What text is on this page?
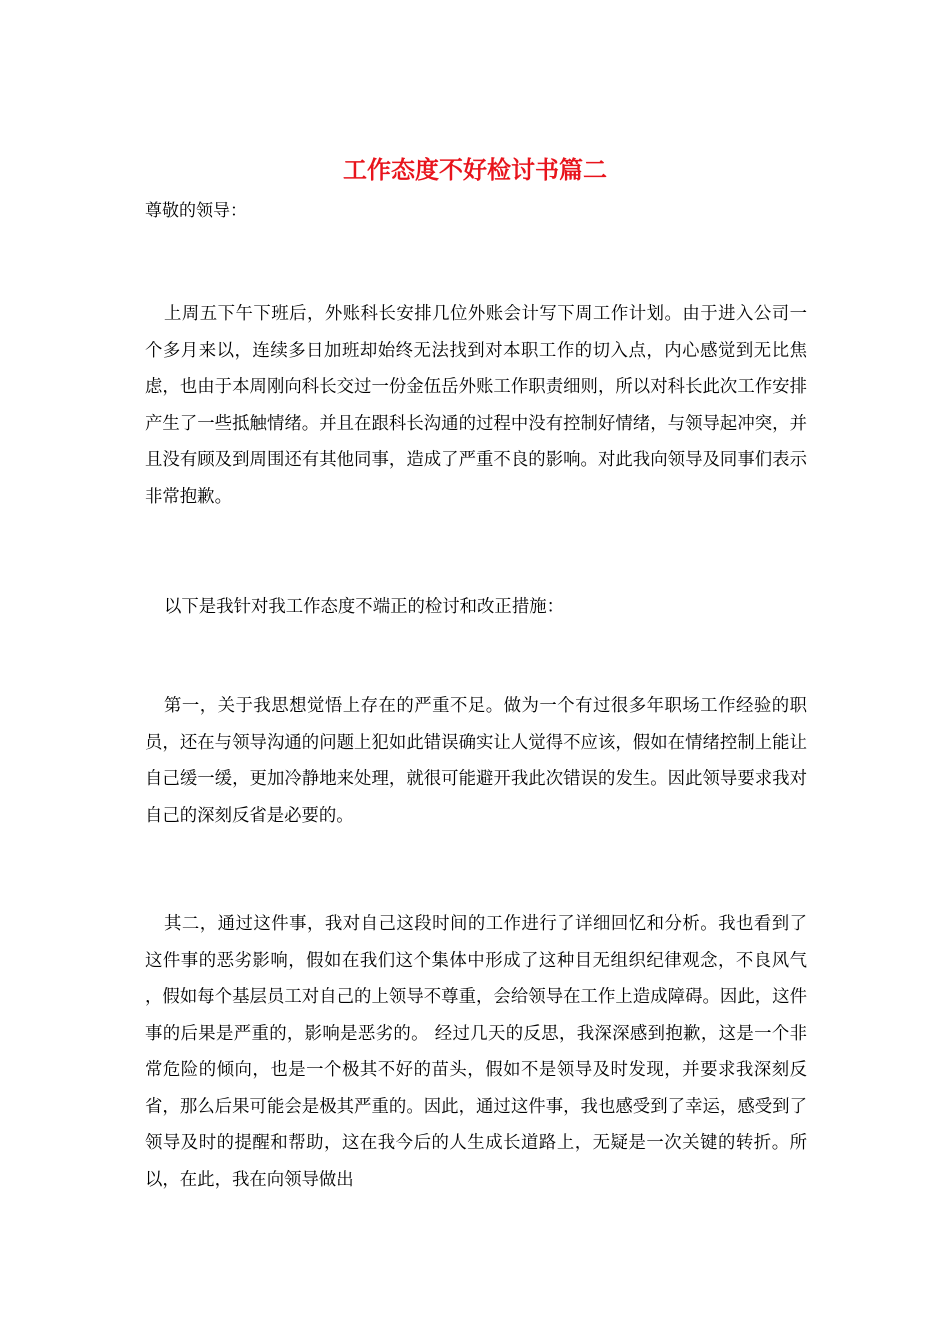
工作态度不好检讨书篇二

尊敬的领导：

上周五下午下班后，外账科长安排几位外账会计写下周工作计划。由于进入公司一个多月来以，连续多日加班却始终无法找到对本职工作的切入点，内心感觉到无比焦虑，也由于本周刚向科长交过一份金伍岳外账工作职责细则，所以对科长此次工作安排产生了一些抵触情绪。并且在跟科长沟通的过程中没有控制好情绪，与领导起冲突，并且没有顾及到周围还有其他同事，造成了严重不良的影响。对此我向领导及同事们表示非常抱歉。

以下是我针对我工作态度不端正的检讨和改正措施：

第一，关于我思想觉悟上存在的严重不足。做为一个有过很多年职场工作经验的职员，还在与领导沟通的问题上犯如此错误确实让人觉得不应该，假如在情绪控制上能让自己缓一缓，更加冷静地来处理，就很可能避开我此次错误的发生。因此领导要求我对自己的深刻反省是必要的。

其二，通过这件事，我对自己这段时间的工作进行了详细回忆和分析。我也看到了这件事的恶劣影响，假如在我们这个集体中形成了这种目无组织纪律观念，不良风气 ，假如每个基层员工对自己的上领导不尊重，会给领导在工作上造成障碍。因此，这件事的后果是严重的，影响是恶劣的。 经过几天的反思，我深深感到抱歉，这是一个非常危险的倾向，也是一个极其不好的苗头，假如不是领导及时发现，并要求我深刻反省，那么后果可能会是极其严重的。因此，通过这件事，我也感受到了幸运，感受到了领导及时的提醒和帮助，这在我今后的人生成长道路上，无疑是一次关键的转折。所以，在此，我在向领导做出
